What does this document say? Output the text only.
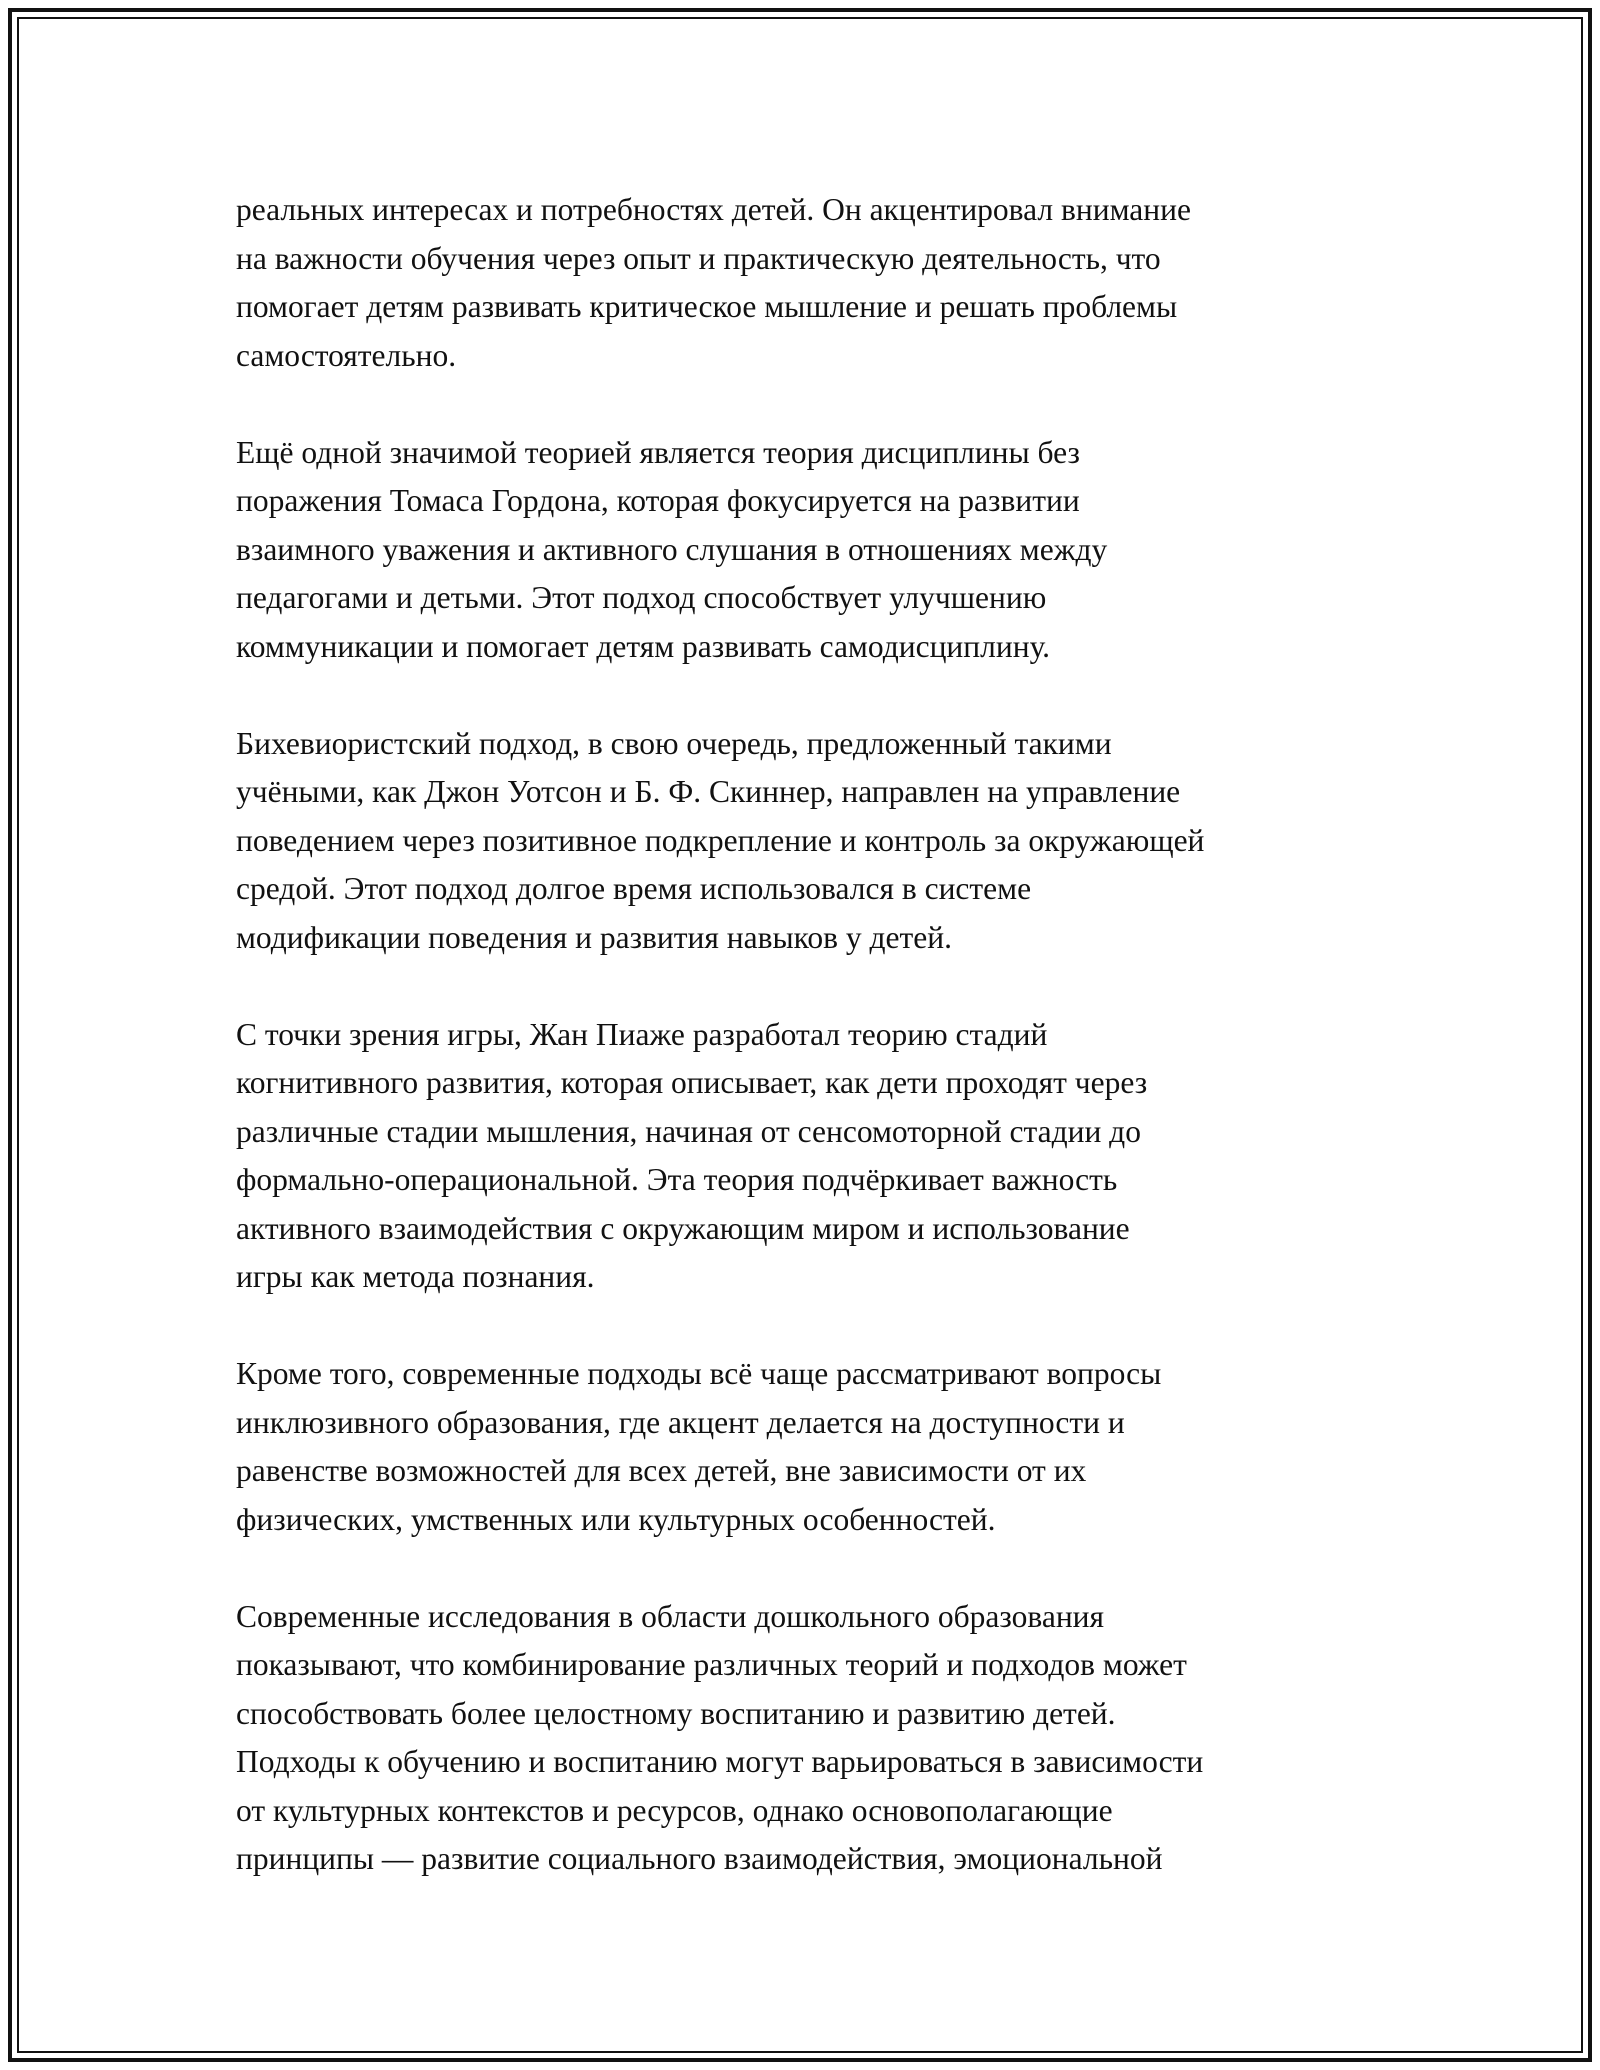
реальных интересах и потребностях детей. Он акцентировал внимание
на важности обучения через опыт и практическую деятельность, что
помогает детям развивать критическое мышление и решать проблемы
самостоятельно.

Ещё одной значимой теорией является теория дисциплины без
поражения Томаса Гордона, которая фокусируется на развитии
взаимного уважения и активного слушания в отношениях между
педагогами и детьми. Этот подход способствует улучшению
коммуникации и помогает детям развивать самодисциплину.

Бихевиористский подход, в свою очередь, предложенный такими
учёными, как Джон Уотсон и Б. Ф. Скиннер, направлен на управление
поведением через позитивное подкрепление и контроль за окружающей
средой. Этот подход долгое время использовался в системе
модификации поведения и развития навыков у детей.

С точки зрения игры, Жан Пиаже разработал теорию стадий
когнитивного развития, которая описывает, как дети проходят через
различные стадии мышления, начиная от сенсомоторной стадии до
формально-операциональной. Эта теория подчёркивает важность
активного взаимодействия с окружающим миром и использование
игры как метода познания.

Кроме того, современные подходы всё чаще рассматривают вопросы
инклюзивного образования, где акцент делается на доступности и
равенстве возможностей для всех детей, вне зависимости от их
физических, умственных или культурных особенностей.

Современные исследования в области дошкольного образования
показывают, что комбинирование различных теорий и подходов может
способствовать более целостному воспитанию и развитию детей.
Подходы к обучению и воспитанию могут варьироваться в зависимости
от культурных контекстов и ресурсов, однако основополагающие
принципы — развитие социального взаимодействия, эмоциональной
